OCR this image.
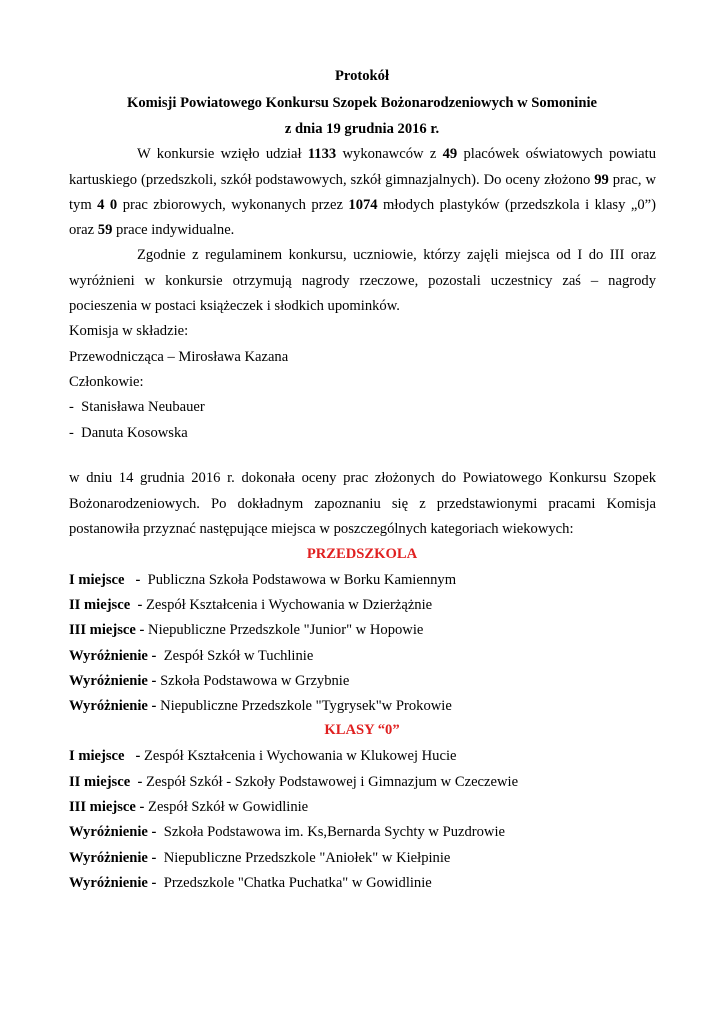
Protokół
Komisji Powiatowego Konkursu Szopek Bożonarodzeniowych w Somoninie
z dnia 19 grudnia 2016 r.
W konkursie wzięło udział 1133 wykonawców z 49 placówek oświatowych powiatu
kartuskiego (przedszkoli, szkół podstawowych, szkół gimnazjalnych). Do oceny złożono 99 prac, w
tym 4 0 prac zbiorowych, wykonanych przez 1074 młodych plastyków (przedszkola i klasy „0”)
oraz 59 prace indywidualne.
Zgodnie z regulaminem konkursu, uczniowie, którzy zajęli miejsca od I do III oraz
wyróżnieni w konkursie otrzymują nagrody rzeczowe, pozostali uczestnicy zaś – nagrody
pocieszenia w postaci książeczek i słodkich upominków.
Komisja w składzie:
Przewodnicząca – Mirosława Kazana
Członkowie:
-  Stanisława Neubauer
-  Danuta Kosowska
w dniu 14 grudnia 2016 r. dokonała oceny prac złożonych do Powiatowego Konkursu Szopek
Bożonarodzeniowych. Po dokładnym zapoznaniu się z przedstawionymi pracami Komisja
postanowiła przyznać następujące miejsca w poszczególnych kategoriach wiekowych:
PRZEDSZKOLA
I miejsce   -  Publiczna Szkoła Podstawowa w Borku Kamiennym
II miejsce  - Zespół Kształcenia i Wychowania w Dzierżążnie
III miejsce - Niepubliczne Przedszkole "Junior" w Hopowie
Wyróżnienie -  Zespół Szkół w Tuchlinie
Wyróżnienie - Szkoła Podstawowa w Grzybnie
Wyróżnienie - Niepubliczne Przedszkole "Tygrysek"w Prokowie
KLASY “0”
I miejsce   - Zespół Kształcenia i Wychowania w Klukowej Hucie
II miejsce  - Zespół Szkół - Szkoły Podstawowej i Gimnazjum w Czeczewie
III miejsce - Zespół Szkół w Gowidlinie
Wyróżnienie -  Szkoła Podstawowa im. Ks,Bernarda Sychty w Puzdrowie
Wyróżnienie -  Niepubliczne Przedszkole "Aniołek" w Kiełpinie
Wyróżnienie -  Przedszkole "Chatka Puchatka" w Gowidlinie
